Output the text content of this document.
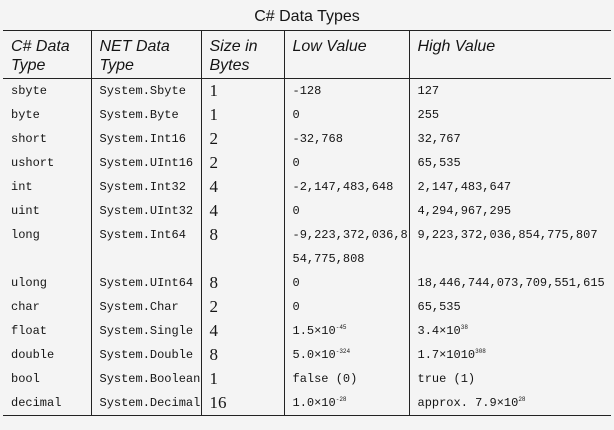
C# Data Types
C# Data Type	NET Data Type	Size in Bytes	Low Value	High Value
sbyte	System.Sbyte	1	-128	127
byte	System.Byte	1	0	255
short	System.Int16	2	-32,768	32,767
ushort	System.UInt16	2	0	65,535
int	System.Int32	4	-2,147,483,648	2,147,483,647
uint	System.UInt32	4	0	4,294,967,295
long	System.Int64	8	-9,223,372,036,854,775,808	9,223,372,036,854,775,807
ulong	System.UInt64	8	0	18,446,744,073,709,551,615
char	System.Char	2	0	65,535
float	System.Single	4	$1.5\times 10^{-45}$	$3.4\times 10^{38}$
double	System.Double	8	$5.0\times 10^{-324}$	$1.7\times 1010^{308}$
bool	System.Boolean	1	false (0)	true (1)
decimal	System.Decimal	16	$1.0\times 10^{-28}$	approx. $7.9\times 10^{28}$
